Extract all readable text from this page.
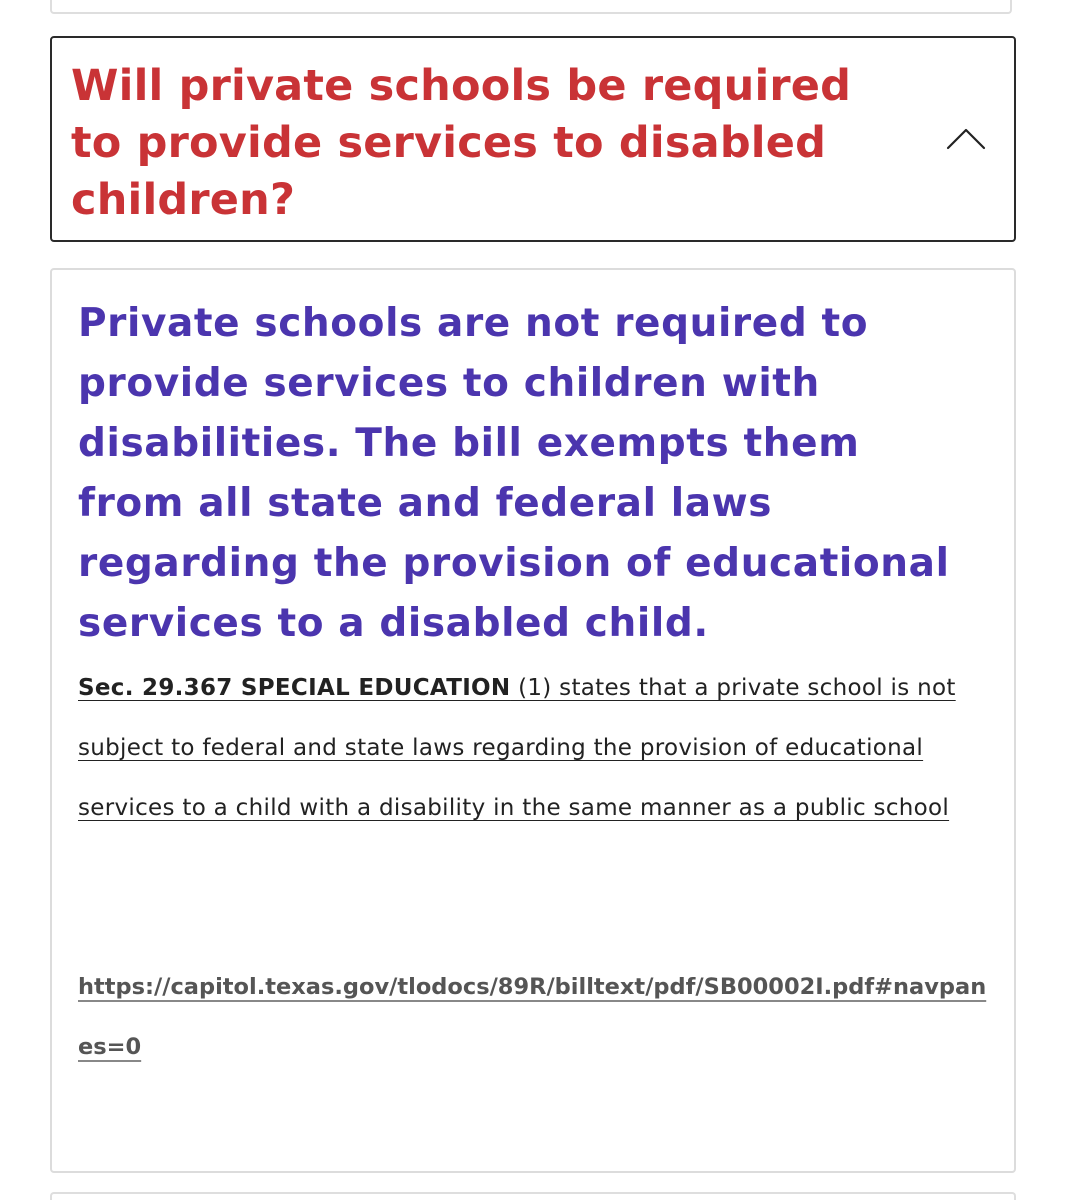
Will private schools be required to provide services to disabled children?

Private schools are not required to provide services to children with disabilities. The bill exempts them from all state and federal laws regarding the provision of educational services to a disabled child.

Sec. 29.367 SPECIAL EDUCATION (1) states that a private school is not subject to federal and state laws regarding the provision of educational services to a child with a disability in the same manner as a public school

https://capitol.texas.gov/tlodocs/89R/billtext/pdf/SB00002I.pdf#navpanes=0
